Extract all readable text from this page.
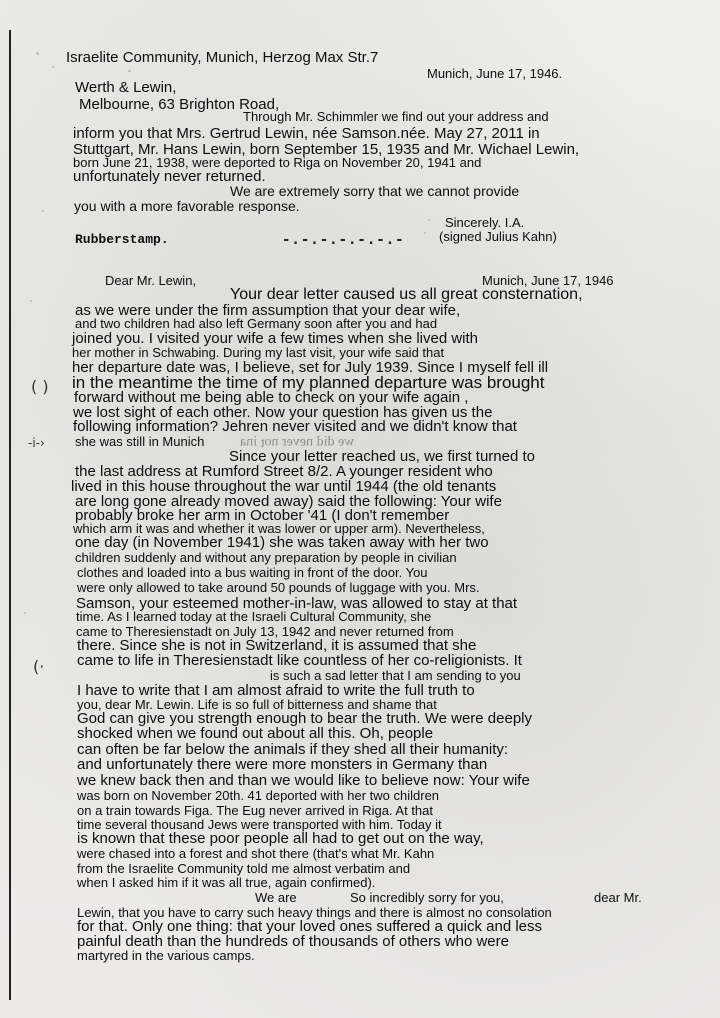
Israelite Community, Munich, Herzog Max Str.7
Munich, June 17, 1946.
Werth & Lewin,
Melbourne, 63 Brighton Road,
Through Mr. Schimmler we find out your address and
inform you that Mrs. Gertrud Lewin, née Samson.née. May 27, 2011 in
Stuttgart, Mr. Hans Lewin, born September 15, 1935 and Mr. Wichael Lewin,
born June 21, 1938, were deported to Riga on November 20, 1941 and
unfortunately never returned.
We are extremely sorry that we cannot provide
you with a more favorable response.
Sincerely. I.A.
Rubberstamp.	(signed Julius Kahn)
-.-.-.-.-.-.-
Dear Mr. Lewin,	Munich, June 17, 1946
Your dear letter caused us all great consternation,
as we were under the firm assumption that your dear wife,
and two children had also left Germany soon after you and had
joined you. I visited your wife a few times when she lived with
her mother in Schwabing. During my last visit, your wife said that
her departure date was, I believe, set for July 1939. Since I myself fell ill
in the meantime the time of my planned departure was brought
forward without me being able to check on your wife again ,
we lost sight of each other. Now your question has given us the
following information? Jehren never visited and we didn't know that
she was still in Munich	ɐuᴉ ʇou ɹǝʌǝu pᴉp ǝʍ
Since your letter reached us, we first turned to
the last address at Rumford Street 8/2. A younger resident who
lived in this house throughout the war until 1944 (the old tenants
are long gone already moved away) said the following: Your wife
probably broke her arm in October '41 (I don't remember
which arm it was and whether it was lower or upper arm). Nevertheless,
one day (in November 1941) she was taken away with her two
children suddenly and without any preparation by people in civilian
clothes and loaded into a bus waiting in front of the door. You
were only allowed to take around 50 pounds of luggage with you. Mrs.
Samson, your esteemed mother-in-law, was allowed to stay at that
time. As I learned today at the Israeli Cultural Community, she
came to Theresienstadt on July 13, 1942 and never returned from
there. Since she is not in Switzerland, it is assumed that she
came to life in Theresienstadt like countless of her co-religionists. It
is such a sad letter that I am sending to you
I have to write that I am almost afraid to write the full truth to
you, dear Mr. Lewin. Life is so full of bitterness and shame that
God can give you strength enough to bear the truth. We were deeply
shocked when we found out about all this. Oh, people
can often be far below the animals if they shed all their humanity:
and unfortunately there were more monsters in Germany than
we knew back then and than we would like to believe now: Your wife
was born on November 20th. 41 deported with her two children
on a train towards Figa. The Eug never arrived in Riga. At that
time several thousand Jews were transported with him. Today it
is known that these poor people all had to get out on the way,
were chased into a forest and shot there (that's what Mr. Kahn
from the Israelite Community told me almost verbatim and
when I asked him if it was all true, again confirmed).
We are	So incredibly sorry for you,	dear Mr.
Lewin, that you have to carry such heavy things and there is almost no consolation
for that. Only one thing: that your loved ones suffered a quick and less
painful death than the hundreds of thousands of others who were
martyred in the various camps.
( )
(·
-i-›
